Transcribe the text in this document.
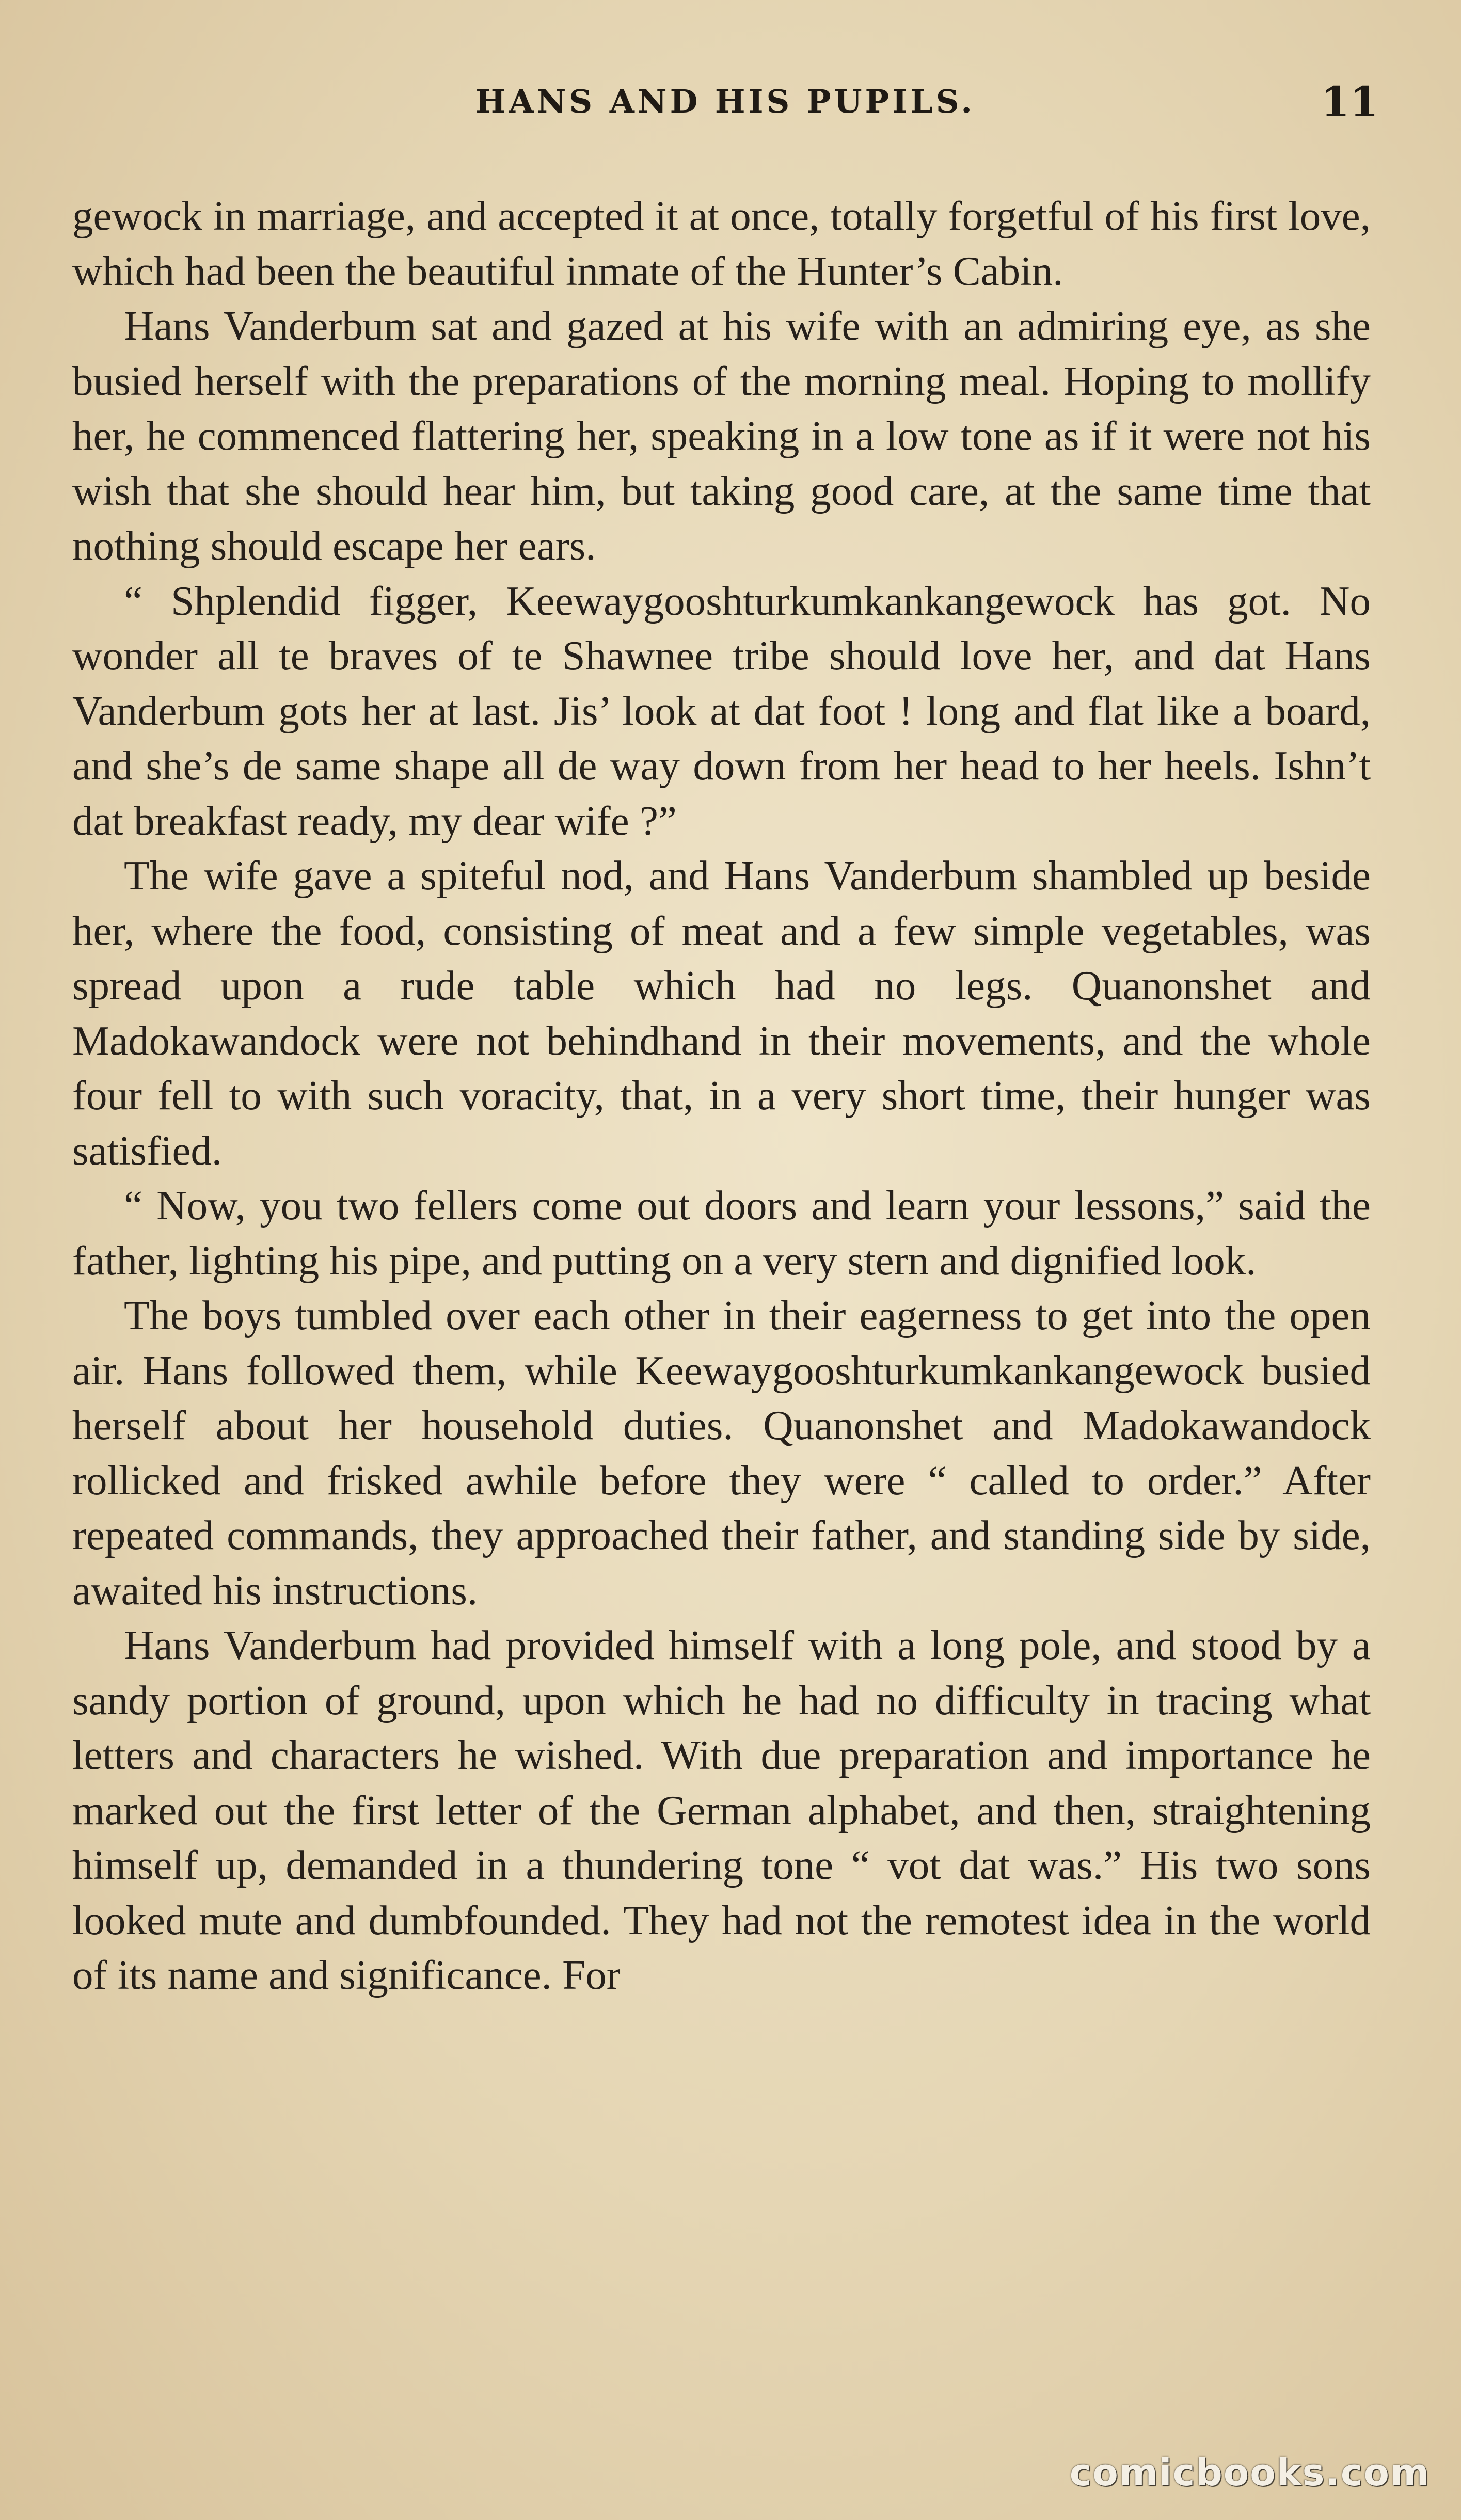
HANS AND HIS PUPILS.	11

gewock in marriage, and accepted it at once, totally forgetful of his first love, which had been the beautiful inmate of the Hunter’s Cabin.

Hans Vanderbum sat and gazed at his wife with an admiring eye, as she busied herself with the preparations of the morning meal. Hoping to mollify her, he commenced flattering her, speaking in a low tone as if it were not his wish that she should hear him, but taking good care, at the same time that nothing should escape her ears.

“ Shplendid figger, Keewaygooshturkumkankangewock has got. No wonder all te braves of te Shawnee tribe should love her, and dat Hans Vanderbum gots her at last. Jis’ look at dat foot ! long and flat like a board, and she’s de same shape all de way down from her head to her heels. Ishn’t dat breakfast ready, my dear wife ?”

The wife gave a spiteful nod, and Hans Vanderbum shambled up beside her, where the food, consisting of meat and a few simple vegetables, was spread upon a rude table which had no legs. Quanonshet and Madokawandock were not behindhand in their movements, and the whole four fell to with such voracity, that, in a very short time, their hunger was satisfied.

“ Now, you two fellers come out doors and learn your lessons,” said the father, lighting his pipe, and putting on a very stern and dignified look.

The boys tumbled over each other in their eagerness to get into the open air. Hans followed them, while Keewaygooshturkumkankangewock busied herself about her household duties. Quanonshet and Madokawandock rollicked and frisked awhile before they were “ called to order.” After repeated commands, they approached their father, and standing side by side, awaited his instructions.

Hans Vanderbum had provided himself with a long pole, and stood by a sandy portion of ground, upon which he had no difficulty in tracing what letters and characters he wished. With due preparation and importance he marked out the first letter of the German alphabet, and then, straightening himself up, demanded in a thundering tone “ vot dat was.” His two sons looked mute and dumbfounded. They had not the remotest idea in the world of its name and significance. For

comicbooks.com
